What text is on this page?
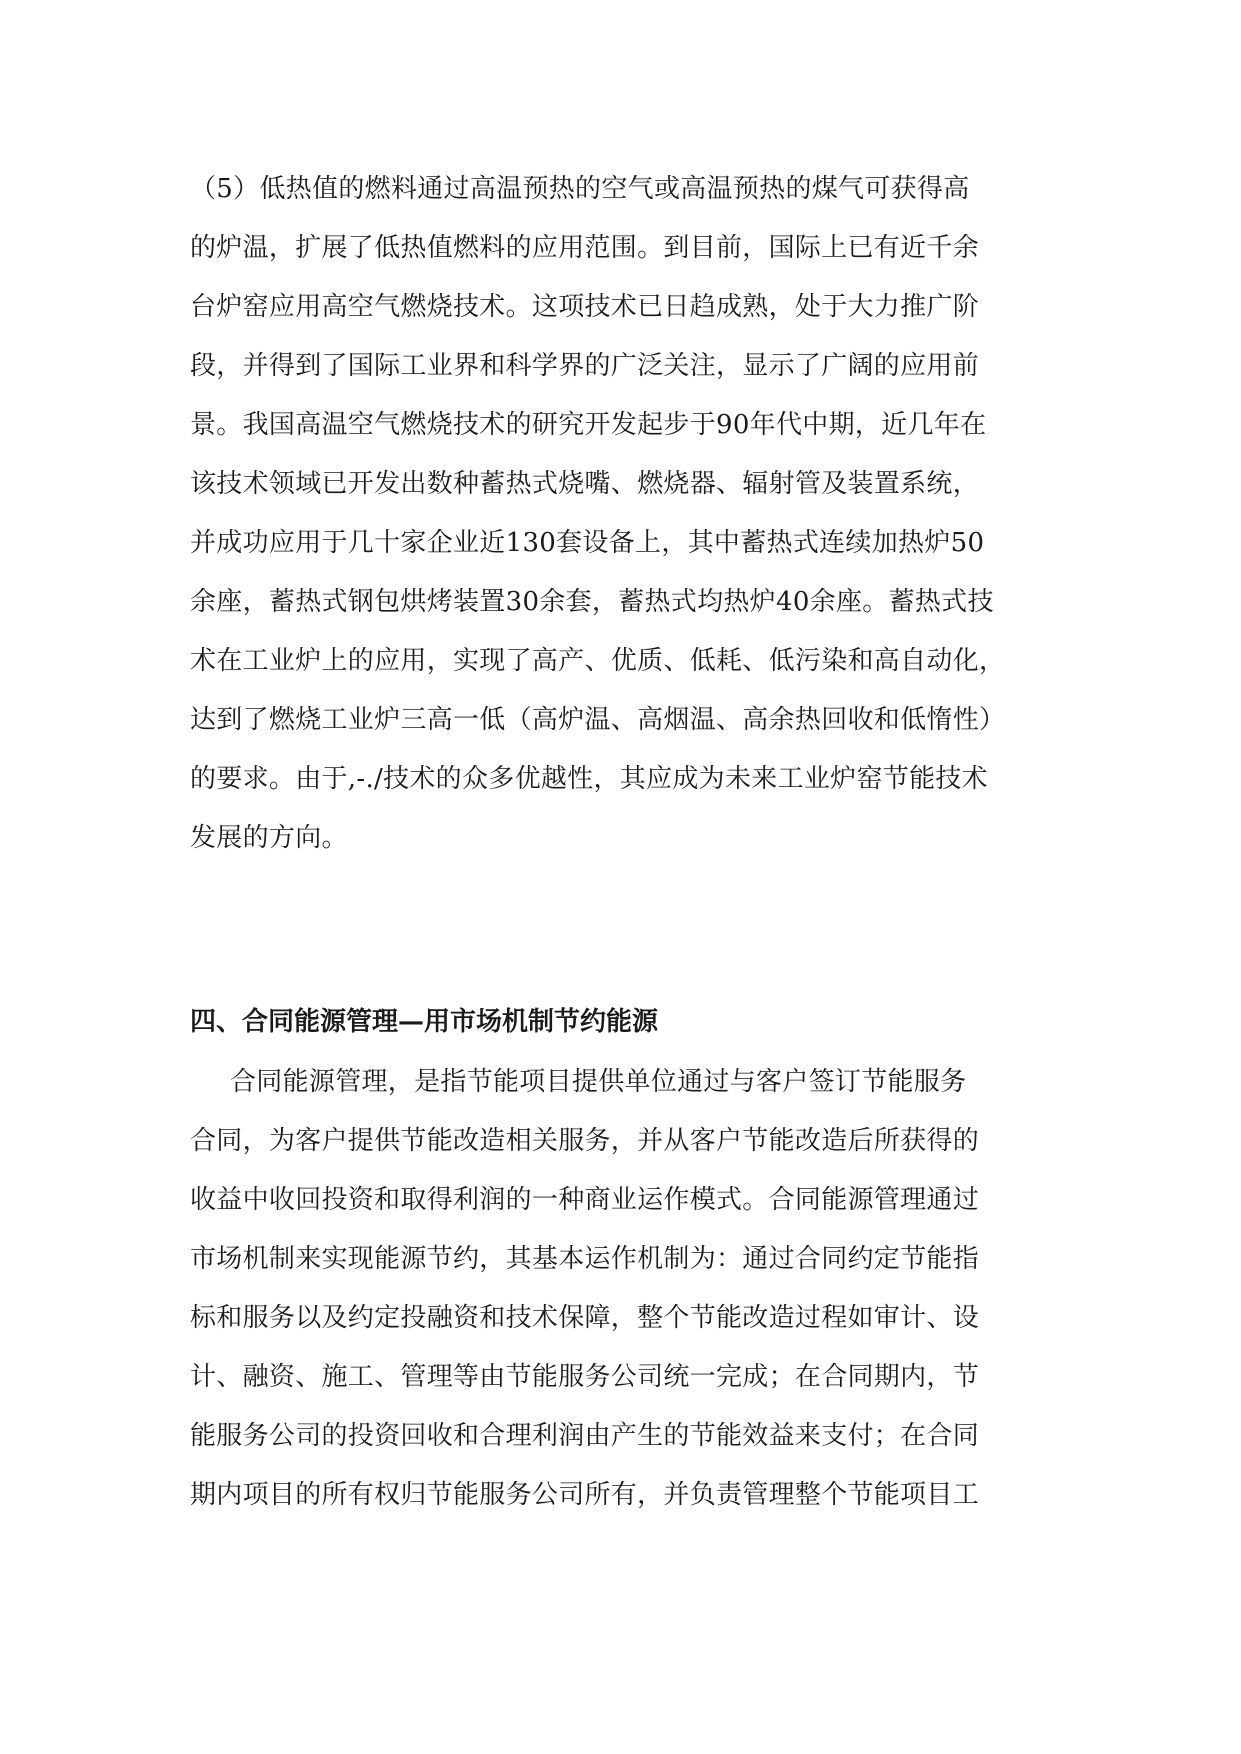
（5）低热值的燃料通过高温预热的空气或高温预热的煤气可获得高
的炉温，扩展了低热值燃料的应用范围。到目前，国际上已有近千余
台炉窑应用高空气燃烧技术。这项技术已日趋成熟，处于大力推广阶
段，并得到了国际工业界和科学界的广泛关注，显示了广阔的应用前
景。我国高温空气燃烧技术的研究开发起步于90年代中期，近几年在
该技术领域已开发出数种蓄热式烧嘴、燃烧器、辐射管及装置系统，
并成功应用于几十家企业近130套设备上，其中蓄热式连续加热炉50
余座，蓄热式钢包烘烤装置30余套，蓄热式均热炉40余座。蓄热式技
术在工业炉上的应用，实现了高产、优质、低耗、低污染和高自动化，
达到了燃烧工业炉三高一低（高炉温、高烟温、高余热回收和低惰性）
的要求。由于,-./技术的众多优越性，其应成为未来工业炉窑节能技术
发展的方向。
四、合同能源管理—用市场机制节约能源
合同能源管理，是指节能项目提供单位通过与客户签订节能服务
合同，为客户提供节能改造相关服务，并从客户节能改造后所获得的
收益中收回投资和取得利润的一种商业运作模式。合同能源管理通过
市场机制来实现能源节约，其基本运作机制为：通过合同约定节能指
标和服务以及约定投融资和技术保障，整个节能改造过程如审计、设
计、融资、施工、管理等由节能服务公司统一完成；在合同期内，节
能服务公司的投资回收和合理利润由产生的节能效益来支付；在合同
期内项目的所有权归节能服务公司所有，并负责管理整个节能项目工
